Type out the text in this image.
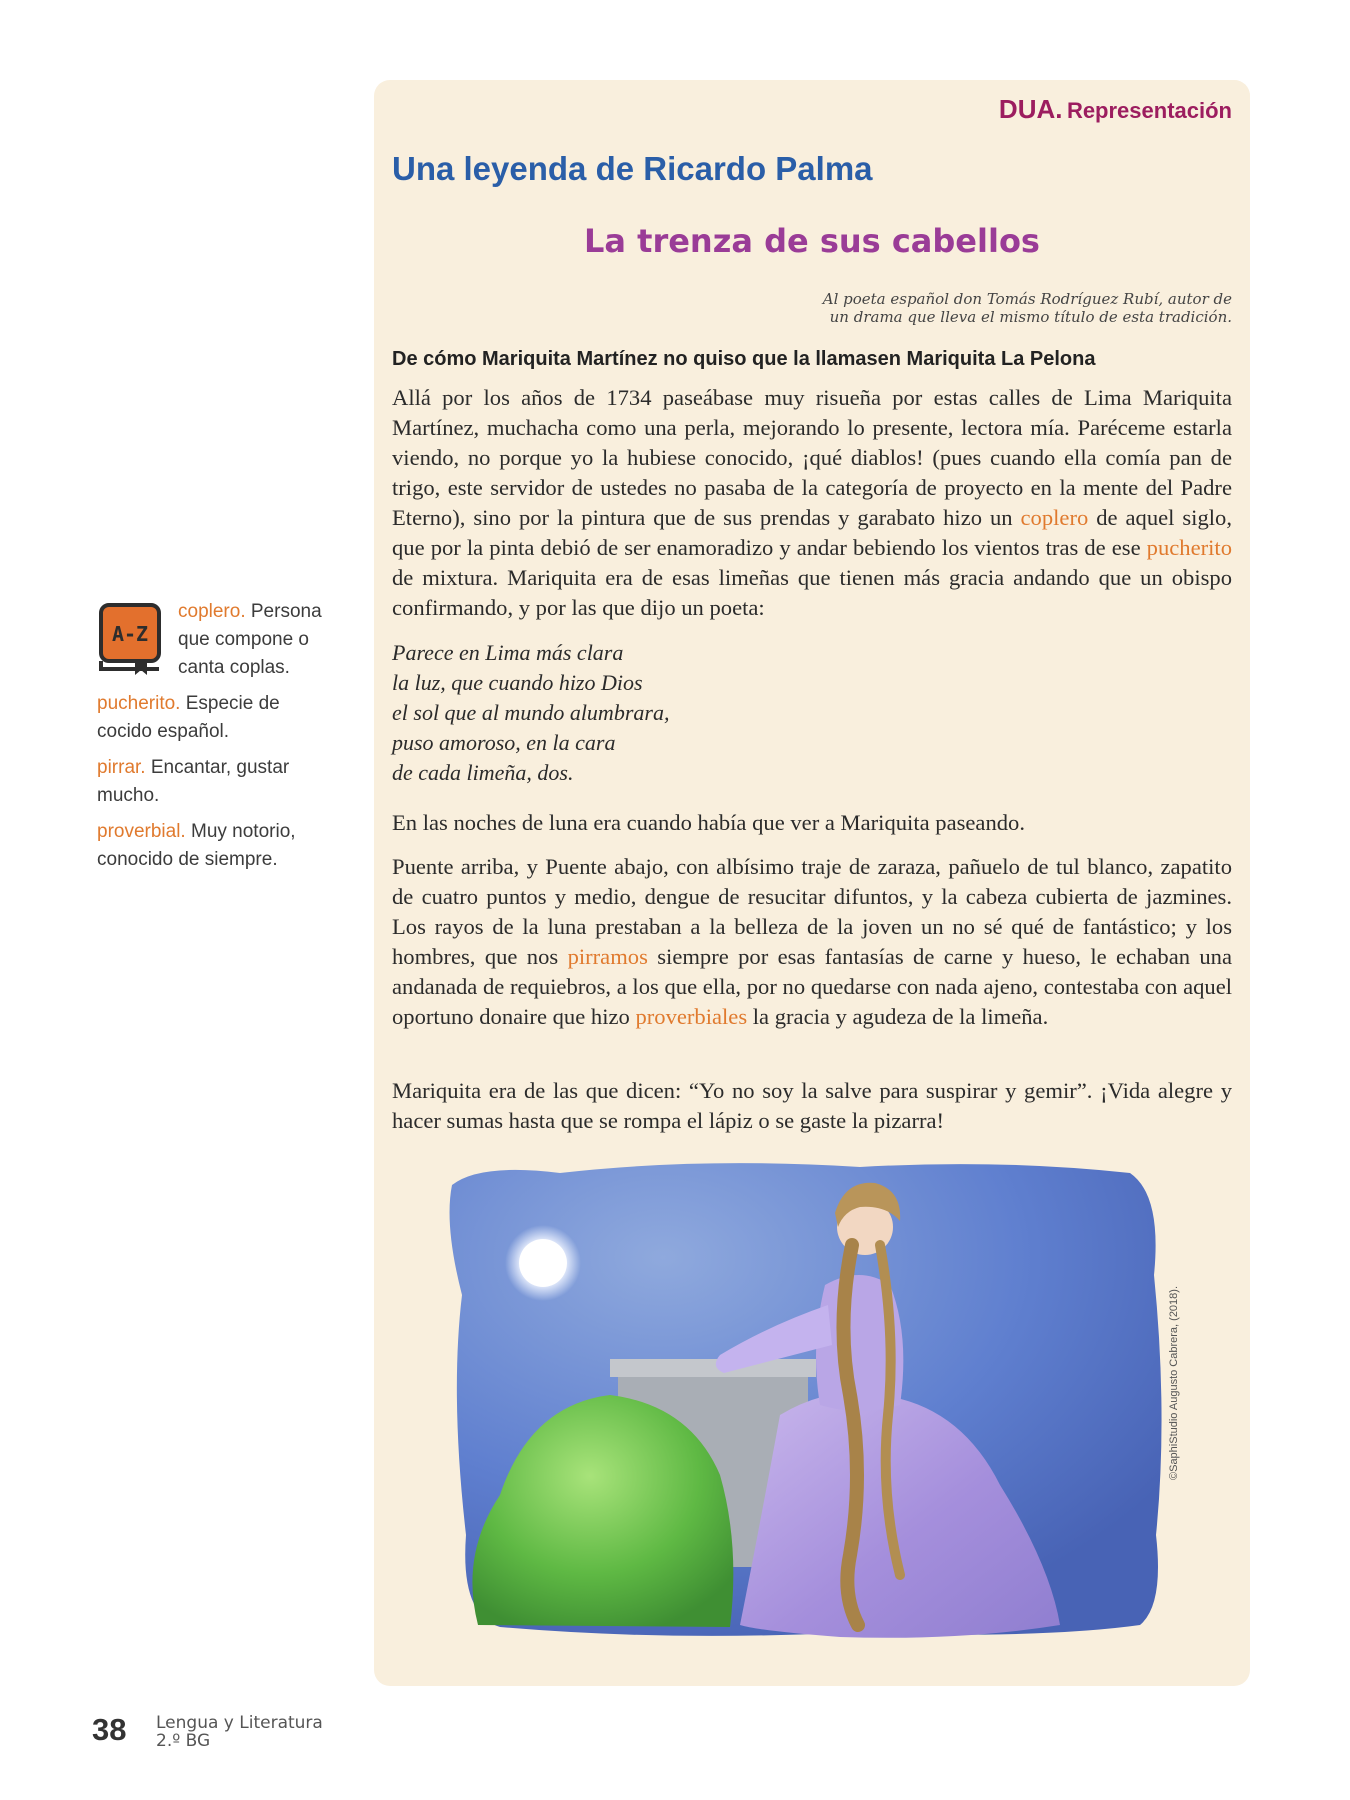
DUA. Representación
Una leyenda de Ricardo Palma
La trenza de sus cabellos
Al poeta español don Tomás Rodríguez Rubí, autor de
un drama que lleva el mismo título de esta tradición.
De cómo Mariquita Martínez no quiso que la llamasen Mariquita La Pelona

Allá por los años de 1734 paseábase muy risueña por estas calles de Lima Mariquita Martínez, muchacha como una perla, mejorando lo presente, lectora mía. Paréceme estarla viendo, no porque yo la hubiese conocido, ¡qué diablos! (pues cuando ella comía pan de trigo, este servidor de ustedes no pasaba de la categoría de proyecto en la mente del Padre Eterno), sino por la pintura que de sus prendas y garabato hizo un coplero de aquel siglo, que por la pinta debió de ser enamoradizo y andar bebiendo los vientos tras de ese pucherito de mixtura. Mariquita era de esas limeñas que tienen más gracia andando que un obispo confirmando, y por las que dijo un poeta:

Parece en Lima más clara
la luz, que cuando hizo Dios
el sol que al mundo alumbrara,
puso amoroso, en la cara
de cada limeña, dos.

En las noches de luna era cuando había que ver a Mariquita paseando.

Puente arriba, y Puente abajo, con albísimo traje de zaraza, pañuelo de tul blanco, zapatito de cuatro puntos y medio, dengue de resucitar difuntos, y la cabeza cubierta de jazmines. Los rayos de la luna prestaban a la belleza de la joven un no sé qué de fantástico; y los hombres, que nos pirramos siempre por esas fantasías de carne y hueso, le echaban una andanada de requiebros, a los que ella, por no quedarse con nada ajeno, contestaba con aquel oportuno donaire que hizo proverbiales la gracia y agudeza de la limeña.

Mariquita era de las que dicen: “Yo no soy la salve para suspirar y gemir”. ¡Vida alegre y hacer sumas hasta que se rompa el lápiz o se gaste la pizarra!

©SaphiStudio Augusto Cabrera, (2018).
A-Z
coplero. Persona que compone o canta coplas.
pucherito. Especie de cocido español.
pirrar. Encantar, gustar mucho.
proverbial. Muy notorio, conocido de siempre.
38 Lengua y Literatura
2.º BG
